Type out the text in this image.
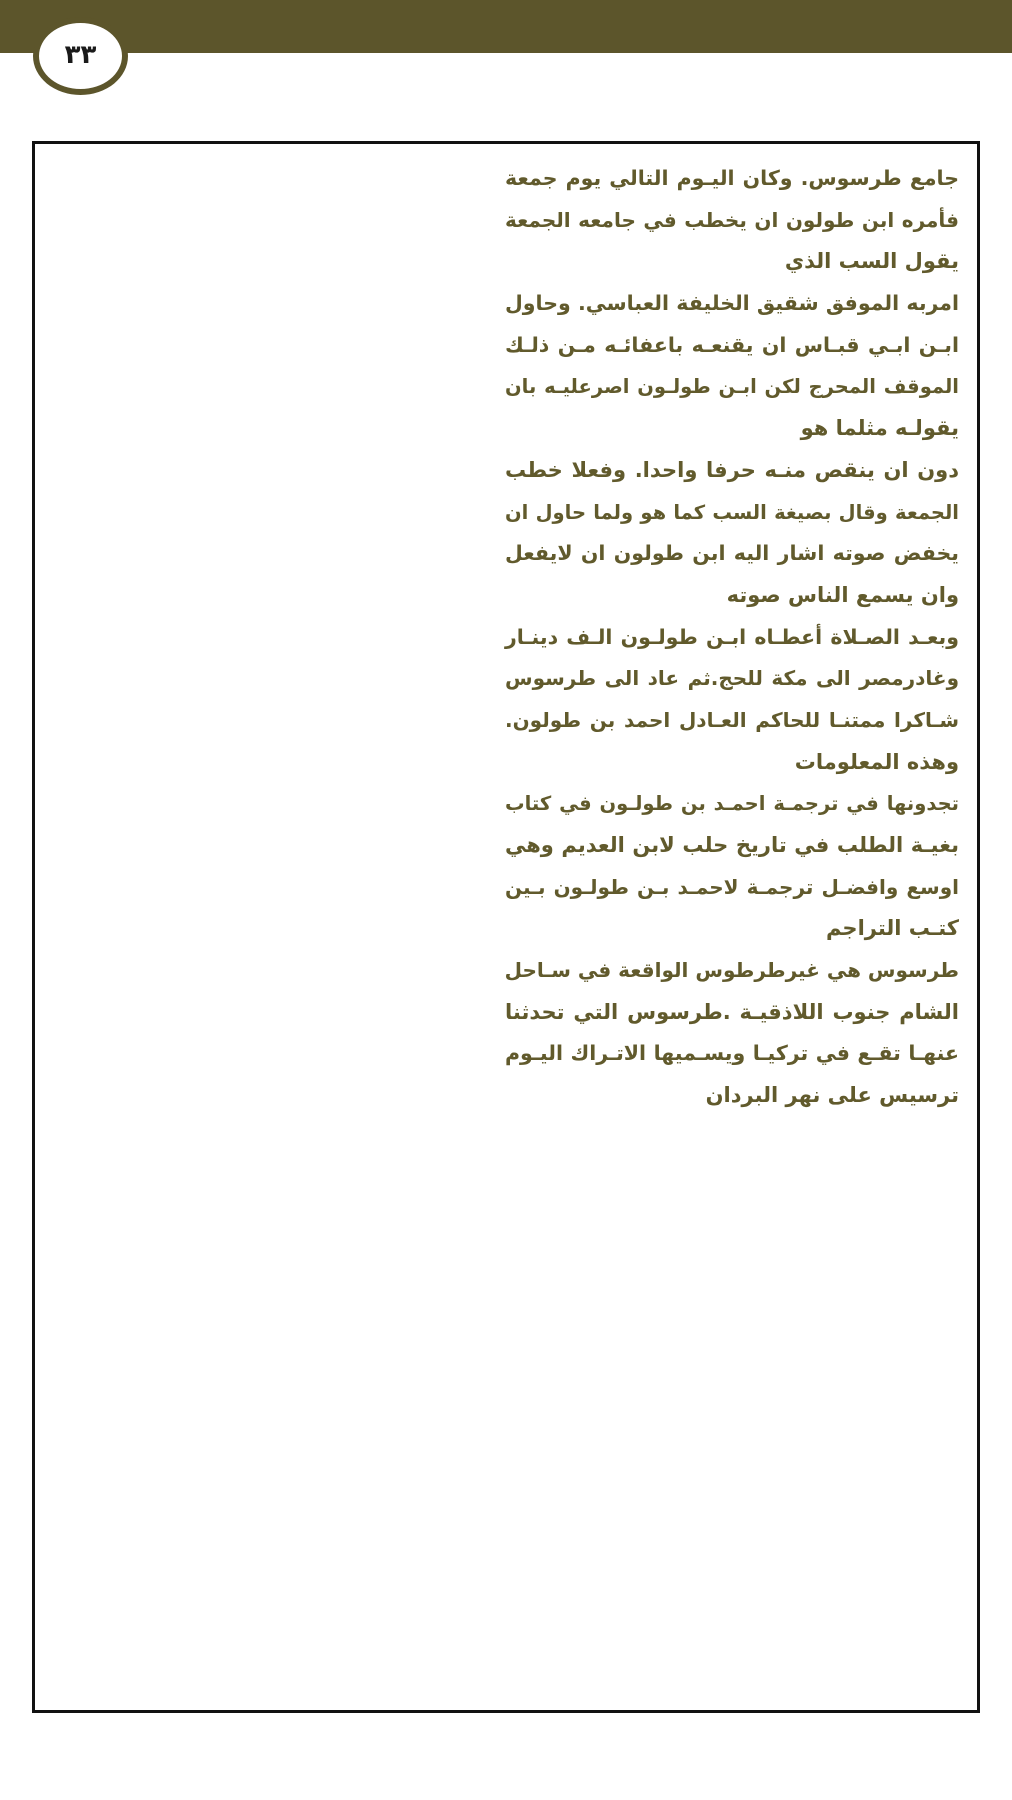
٣٣
جامع طرسوس. وكان اليـوم التالي يوم جمعة
فأمره ابن طولون ان يخطب في جامعه الجمعة
يقول السب الذي
امربه الموفق شقيق الخليفة العباسي. وحاول
ابـن ابـي قبـاس ان يقنعـه باعفائـه مـن ذلـك
الموقف المحرج لكن ابـن طولـون اصرعليـه بان
يقولـه مثلما هو
دون ان ينقص منـه حرفا واحدا. وفعلا خطب
الجمعة وقال بصيغة السب كما هو ولما حاول ان
يخفض صوته اشار اليه ابن طولون ان لايفعل
وان يسمع الناس صوته
وبعـد الصـلاة أعطـاه ابـن طولـون الـف دينـار
وغادرمصر الى مكة للحج.ثم عاد الى طرسوس
شـاكرا ممتنـا للحاكم العـادل احمد بن طولون.
وهذه المعلومات
تجدونها في ترجمـة احمـد بن طولـون في كتاب
بغيـة الطلب في تاريخ حلب لابن العديم وهي
اوسع وافضـل ترجمـة لاحمـد بـن طولـون بـين
كتـب التراجم
طرسوس هي غيرطرطوس الواقعة في سـاحل
الشام جنوب اللاذقيـة .طرسوس التي تحدثنا
عنهـا تقـع في تركيـا ويسـميها الاتـراك اليـوم
ترسيس على نهر البردان
